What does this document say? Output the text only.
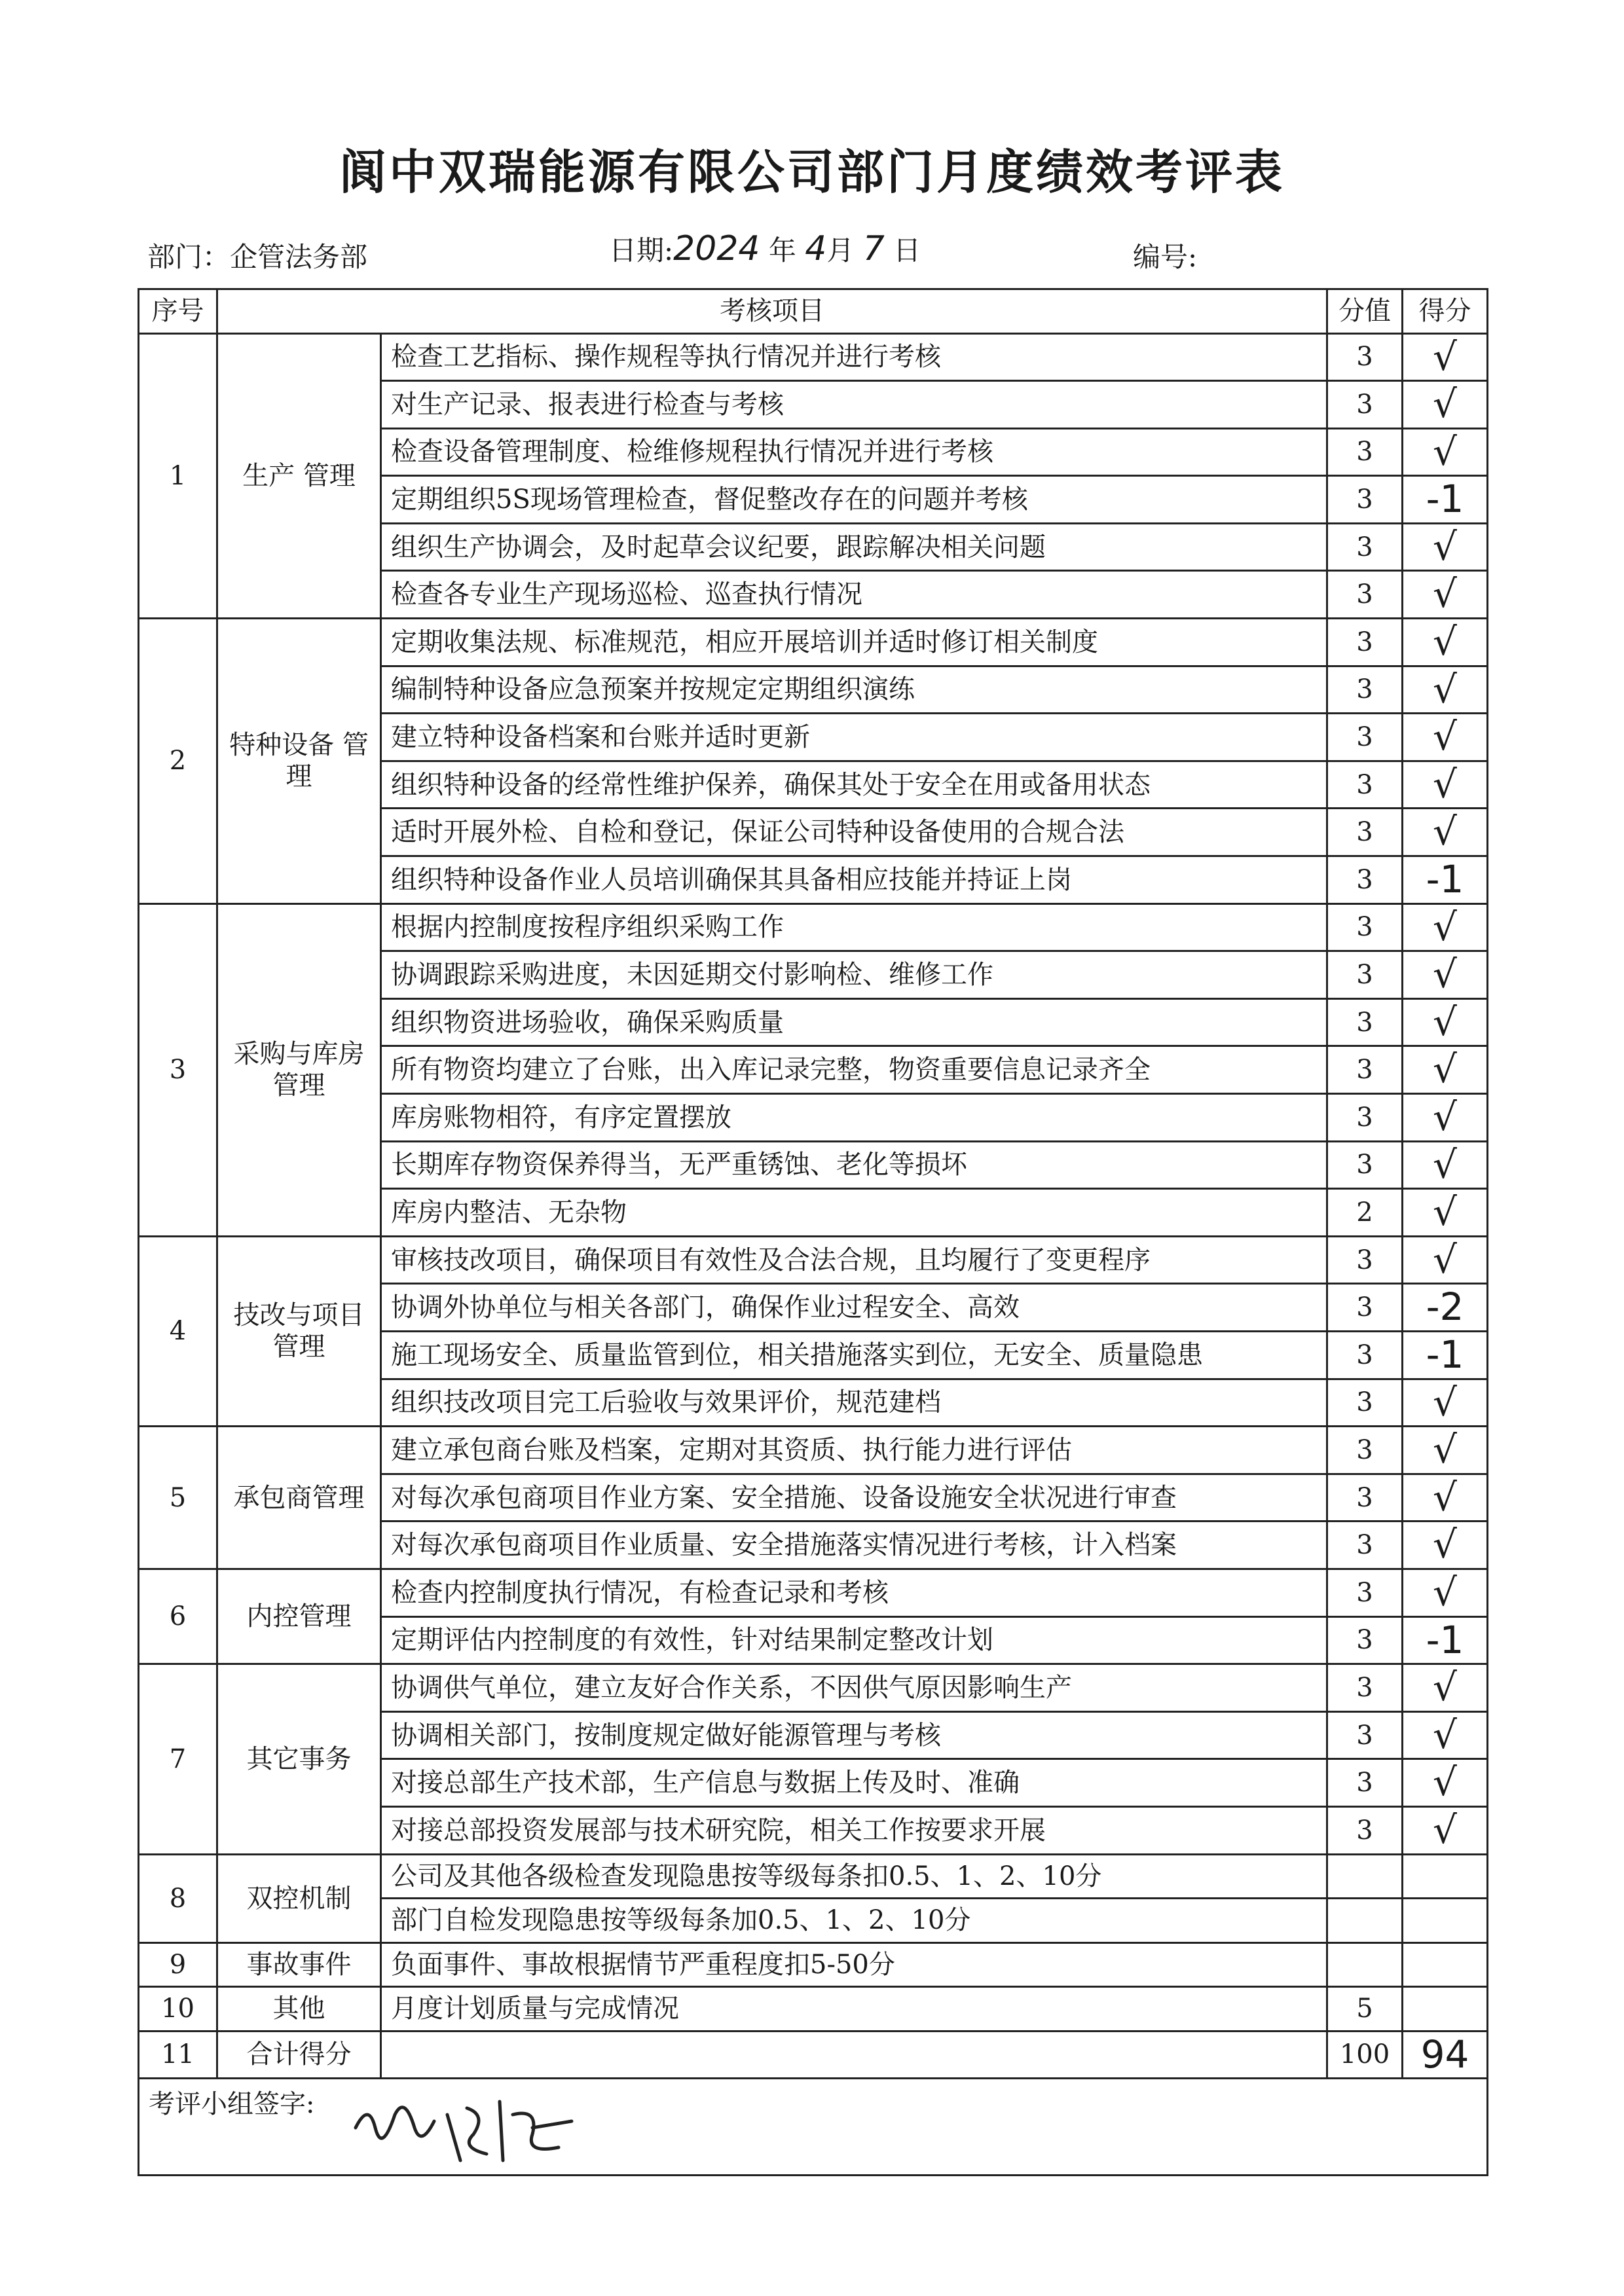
阆中双瑞能源有限公司部门月度绩效考评表
部门：企管法务部	日期:2024 年 4月 7 日	编号:
序号	考核项目		分值	得分
1	生产 管理	检查工艺指标、操作规程等执行情况并进行考核	3	√
		对生产记录、报表进行检查与考核	3	√
		检查设备管理制度、检维修规程执行情况并进行考核	3	√
		定期组织5S现场管理检查，督促整改存在的问题并考核	3	-1
		组织生产协调会，及时起草会议纪要，跟踪解决相关问题	3	√
		检查各专业生产现场巡检、巡查执行情况	3	√
2	特种设备 管理	定期收集法规、标准规范，相应开展培训并适时修订相关制度	3	√
		编制特种设备应急预案并按规定定期组织演练	3	√
		建立特种设备档案和台账并适时更新	3	√
		组织特种设备的经常性维护保养，确保其处于安全在用或备用状态	3	√
		适时开展外检、自检和登记，保证公司特种设备使用的合规合法	3	√
		组织特种设备作业人员培训确保其具备相应技能并持证上岗	3	-1
3	采购与库房 管理	根据内控制度按程序组织采购工作	3	√
		协调跟踪采购进度，未因延期交付影响检、维修工作	3	√
		组织物资进场验收，确保采购质量	3	√
		所有物资均建立了台账，出入库记录完整，物资重要信息记录齐全	3	√
		库房账物相符，有序定置摆放	3	√
		长期库存物资保养得当，无严重锈蚀、老化等损坏	3	√
		库房内整洁、无杂物	2	√
4	技改与项目 管理	审核技改项目，确保项目有效性及合法合规，且均履行了变更程序	3	√
		协调外协单位与相关各部门，确保作业过程安全、高效	3	-2
		施工现场安全、质量监管到位，相关措施落实到位，无安全、质量隐患	3	-1
		组织技改项目完工后验收与效果评价，规范建档	3	√
5	承包商管理	建立承包商台账及档案，定期对其资质、执行能力进行评估	3	√
		对每次承包商项目作业方案、安全措施、设备设施安全状况进行审查	3	√
		对每次承包商项目作业质量、安全措施落实情况进行考核，计入档案	3	√
6	内控管理	检查内控制度执行情况，有检查记录和考核	3	√
		定期评估内控制度的有效性，针对结果制定整改计划	3	-1
7	其它事务	协调供气单位，建立友好合作关系，不因供气原因影响生产	3	√
		协调相关部门，按制度规定做好能源管理与考核	3	√
		对接总部生产技术部，生产信息与数据上传及时、准确	3	√
		对接总部投资发展部与技术研究院，相关工作按要求开展	3	√
8	双控机制	公司及其他各级检查发现隐患按等级每条扣0.5、1、2、10分		
		部门自检发现隐患按等级每条加0.5、1、2、10分		
9	事故事件	负面事件、事故根据情节严重程度扣5-50分		
10	其他	月度计划质量与完成情况	5	
11	合计得分		100	94
考评小组签字:				
